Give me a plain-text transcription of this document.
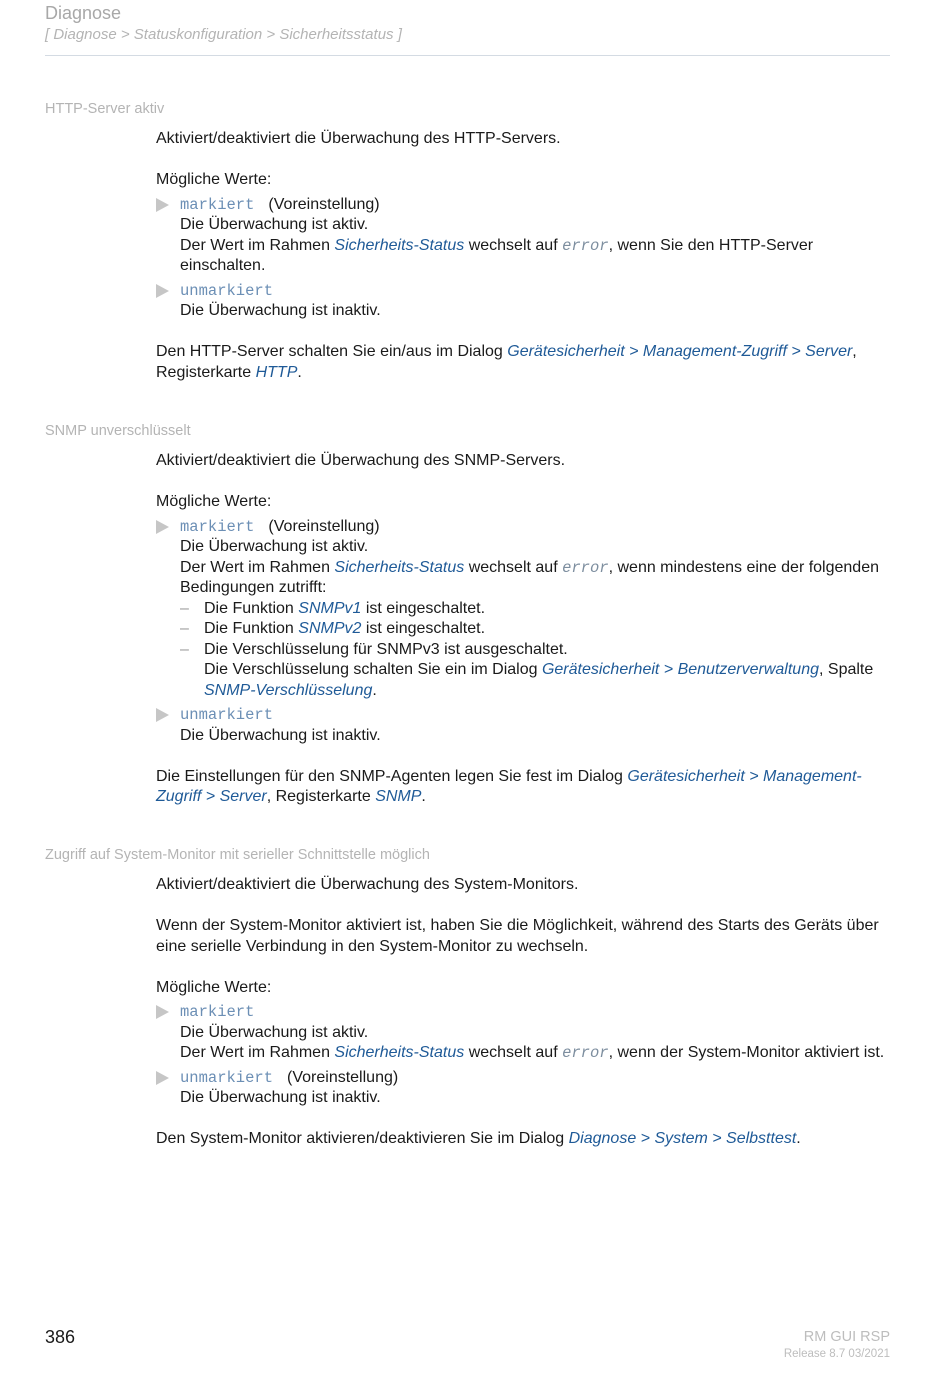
Diagnose
[ Diagnose > Statuskonfiguration > Sicherheitsstatus ]
HTTP-Server aktiv

Aktiviert/deaktiviert die Überwachung des HTTP-Servers.

Mögliche Werte:

markiert (Voreinstellung)
Die Überwachung ist aktiv.
Der Wert im Rahmen Sicherheits-Status wechselt auf error, wenn Sie den HTTP-Server einschalten.
unmarkiert
Die Überwachung ist inaktiv.

Den HTTP-Server schalten Sie ein/aus im Dialog Gerätesicherheit > Management-Zugriff > Server, Registerkarte HTTP.

SNMP unverschlüsselt

Aktiviert/deaktiviert die Überwachung des SNMP-Servers.

Mögliche Werte:

markiert (Voreinstellung)
Die Überwachung ist aktiv.
Der Wert im Rahmen Sicherheits-Status wechselt auf error, wenn mindestens eine der folgenden Bedingungen zutrifft:
– Die Funktion SNMPv1 ist eingeschaltet.
– Die Funktion SNMPv2 ist eingeschaltet.
– Die Verschlüsselung für SNMPv3 ist ausgeschaltet.
Die Verschlüsselung schalten Sie ein im Dialog Gerätesicherheit > Benutzerverwaltung, Spalte SNMP-Verschlüsselung.
unmarkiert
Die Überwachung ist inaktiv.

Die Einstellungen für den SNMP-Agenten legen Sie fest im Dialog Gerätesicherheit > Management-Zugriff > Server, Registerkarte SNMP.

Zugriff auf System-Monitor mit serieller Schnittstelle möglich

Aktiviert/deaktiviert die Überwachung des System-Monitors.

Wenn der System-Monitor aktiviert ist, haben Sie die Möglichkeit, während des Starts des Geräts über eine serielle Verbindung in den System-Monitor zu wechseln.

Mögliche Werte:

markiert
Die Überwachung ist aktiv.
Der Wert im Rahmen Sicherheits-Status wechselt auf error, wenn der System-Monitor aktiviert ist.
unmarkiert (Voreinstellung)
Die Überwachung ist inaktiv.

Den System-Monitor aktivieren/deaktivieren Sie im Dialog Diagnose > System > Selbsttest.

386	RM GUI RSP
Release 8.7 03/2021
